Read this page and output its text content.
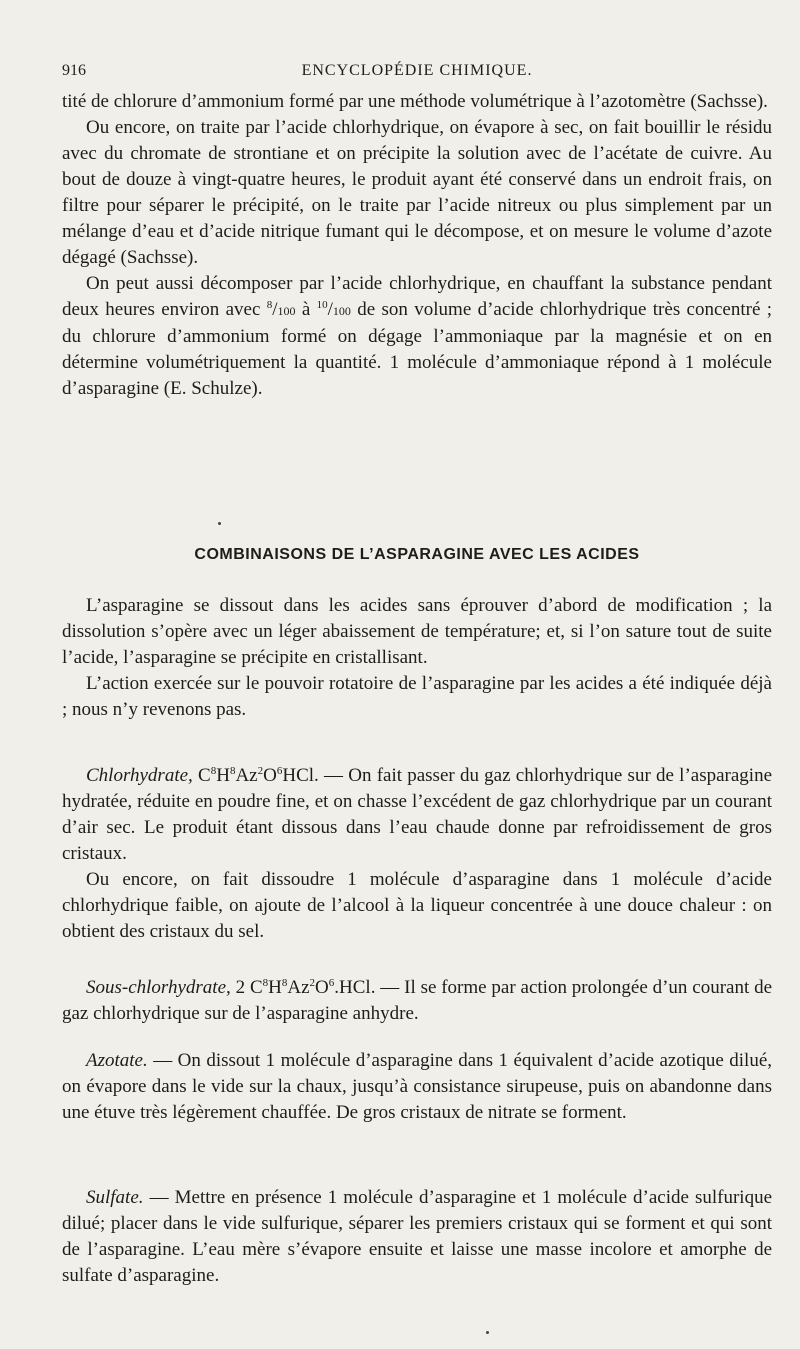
916	ENCYCLOPÉDIE CHIMIQUE.

tité de chlorure d’ammonium formé par une méthode volumétrique à l’azotomètre (Sachsse).

Ou encore, on traite par l’acide chlorhydrique, on évapore à sec, on fait bouillir le résidu avec du chromate de strontiane et on précipite la solution avec de l’acétate de cuivre. Au bout de douze à vingt-quatre heures, le produit ayant été conservé dans un endroit frais, on filtre pour séparer le précipité, on le traite par l’acide nitreux ou plus simplement par un mélange d’eau et d’acide nitrique fumant qui le décompose, et on mesure le volume d’azote dégagé (Sachsse).

On peut aussi décomposer par l’acide chlorhydrique, en chauffant la substance pendant deux heures environ avec $^8$/100 à $^{10}$/100 de son volume d’acide chlorhydrique très concentré ; du chlorure d’ammonium formé on dégage l’ammoniaque par la magnésie et on en détermine volumétriquement la quantité. 1 molécule d’ammoniaque répond à 1 molécule d’asparagine (E. Schulze).

COMBINAISONS DE L’ASPARAGINE AVEC LES ACIDES

L’asparagine se dissout dans les acides sans éprouver d’abord de modification ; la dissolution s’opère avec un léger abaissement de température; et, si l’on sature tout de suite l’acide, l’asparagine se précipite en cristallisant.

L’action exercée sur le pouvoir rotatoire de l’asparagine par les acides a été indiquée déjà ; nous n’y revenons pas.

Chlorhydrate, $C^8H^8Az^2O^6HCl$. — On fait passer du gaz chlorhydrique sur de l’asparagine hydratée, réduite en poudre fine, et on chasse l’excédent de gaz chlorhydrique par un courant d’air sec. Le produit étant dissous dans l’eau chaude donne par refroidissement de gros cristaux.

Ou encore, on fait dissoudre 1 molécule d’asparagine dans 1 molécule d’acide chlorhydrique faible, on ajoute de l’alcool à la liqueur concentrée à une douce chaleur : on obtient des cristaux du sel.

Sous-chlorhydrate, 2 $C^8H^8Az^2O^6.HCl$. — Il se forme par action prolongée d’un courant de gaz chlorhydrique sur de l’asparagine anhydre.

Azotate. — On dissout 1 molécule d’asparagine dans 1 équivalent d’acide azotique dilué, on évapore dans le vide sur la chaux, jusqu’à consistance sirupeuse, puis on abandonne dans une étuve très légèrement chauffée. De gros cristaux de nitrate se forment.

Sulfate. — Mettre en présence 1 molécule d’asparagine et 1 molécule d’acide sulfurique dilué; placer dans le vide sulfurique, séparer les premiers cristaux qui se forment et qui sont de l’asparagine. L’eau mère s’évapore ensuite et laisse une masse incolore et amorphe de sulfate d’asparagine.
